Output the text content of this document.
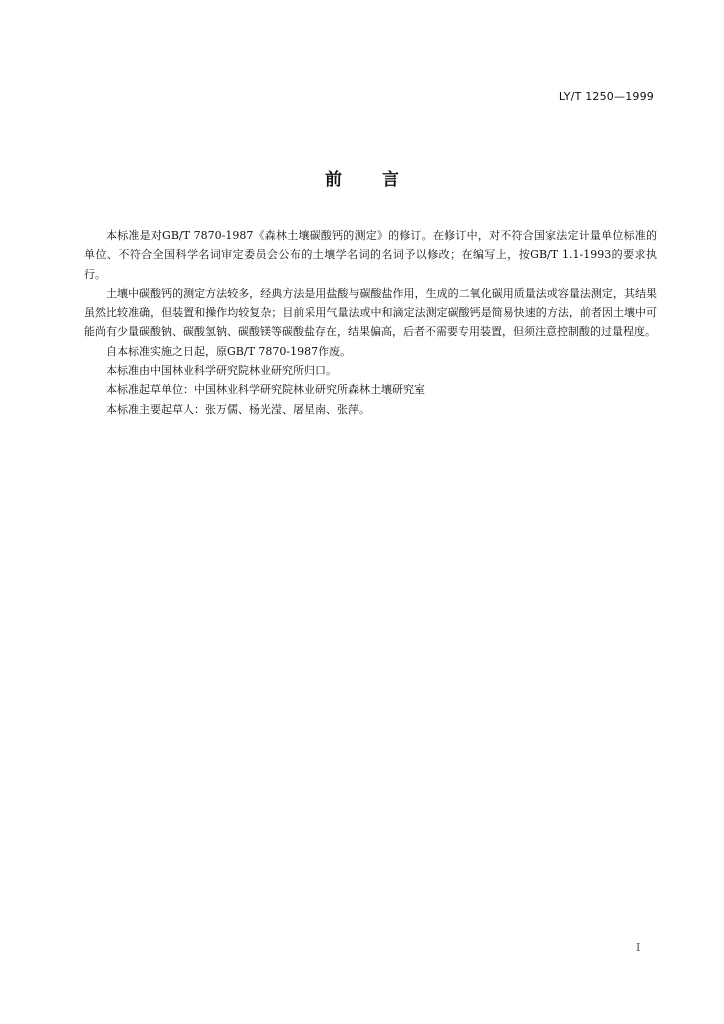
LY/T 1250—1999
前 言

本标准是对GB/T 7870-1987《森林土壤碳酸钙的测定》的修订。在修订中，对不符合国家法定计量单位标准的单位、不符合全国科学名词审定委员会公布的土壤学名词的名词予以修改；在编写上，按GB/T 1.1-1993的要求执行。

土壤中碳酸钙的测定方法较多，经典方法是用盐酸与碳酸盐作用，生成的二氧化碳用质量法或容量法测定，其结果虽然比较准确，但装置和操作均较复杂；目前采用气量法或中和滴定法测定碳酸钙是简易快速的方法，前者因土壤中可能尚有少量碳酸钠、碳酸氢钠、碳酸镁等碳酸盐存在，结果偏高，后者不需要专用装置，但须注意控制酸的过量程度。

自本标准实施之日起，原GB/T 7870-1987作废。

本标准由中国林业科学研究院林业研究所归口。

本标准起草单位：中国林业科学研究院林业研究所森林土壤研究室

本标准主要起草人：张万儒、杨光滢、屠星南、张萍。

I
